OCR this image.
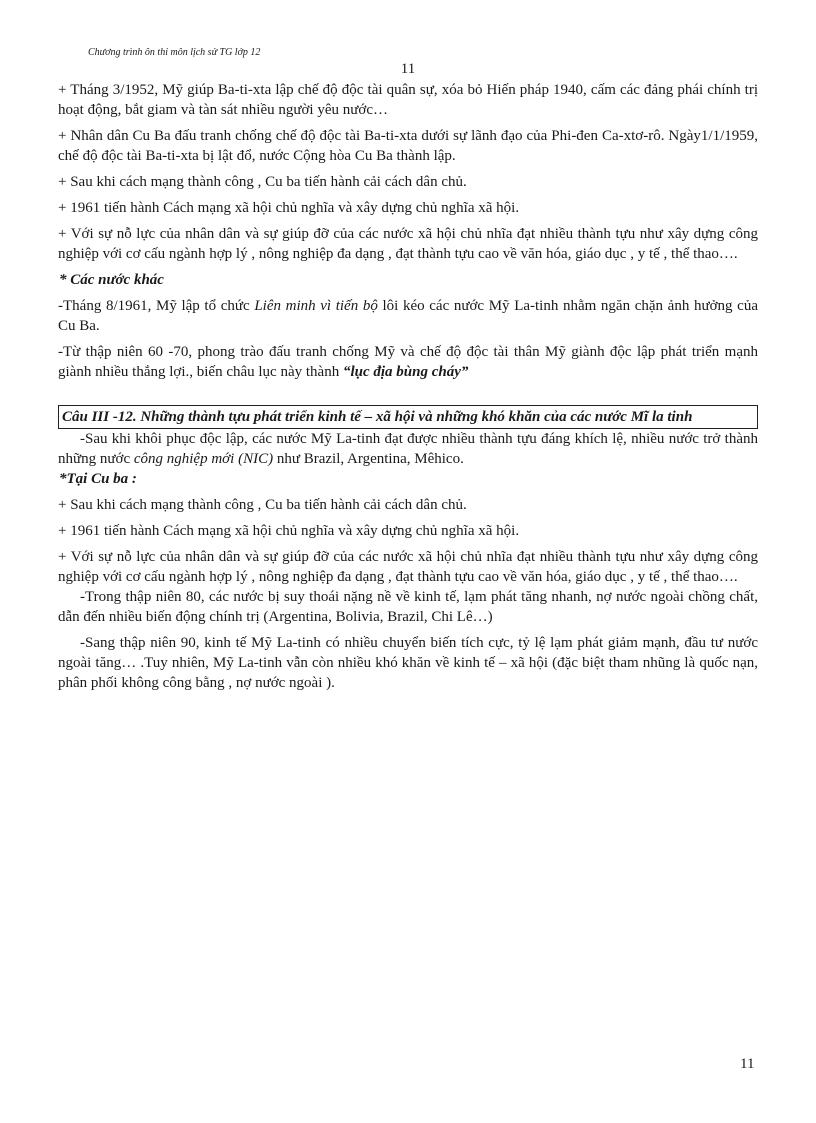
Chương trình ôn thi môn lịch sử TG lớp 12
11

+ Tháng 3/1952, Mỹ giúp Ba-ti-xta lập chế độ độc tài quân sự, xóa bỏ Hiến pháp 1940, cấm các đảng phái chính trị hoạt động, bắt giam và tàn sát nhiều người yêu nước…

+ Nhân dân Cu Ba đấu tranh chống chế độ độc tài Ba-ti-xta dưới sự lãnh đạo của Phi-đen Ca-xtơ-rô. Ngày1/1/1959, chế độ độc tài Ba-ti-xta bị lật đổ, nước Cộng hòa Cu Ba thành lập.

+ Sau khi cách mạng thành công , Cu ba tiến hành cải cách dân chủ.

+ 1961 tiến hành Cách mạng xã hội chủ nghĩa và xây dựng chủ nghĩa xã hội.

+ Với sự nỗ lực của nhân dân và sự giúp đỡ của các nước xã hội chủ nhĩa đạt nhiều thành tựu như xây dựng công nghiệp với cơ cấu ngành hợp lý , nông nghiệp đa dạng , đạt thành tựu cao về văn hóa, giáo dục , y tế , thể thao….

* Các nước khác

-Tháng 8/1961, Mỹ lập tổ chức Liên minh vì tiến bộ lôi kéo các nước Mỹ La-tinh nhằm ngăn chặn ảnh hưởng của Cu Ba.

-Từ thập niên 60 -70, phong trào đấu tranh chống Mỹ và chế độ độc tài thân Mỹ giành độc lập phát triển mạnh giành nhiều thắng lợi., biến châu lục này thành “lục địa bùng cháy”

Câu III -12. Những thành tựu phát triển kinh tế – xã hội và những khó khăn của các nước Mĩ la tinh

-Sau khi khôi phục độc lập, các nước Mỹ La-tinh đạt được nhiều thành tựu đáng khích lệ, nhiều nước trở thành những nước công nghiệp mới (NIC) như Brazil, Argentina, Mêhico.

*Tại Cu ba :

+ Sau khi cách mạng thành công , Cu ba tiến hành cải cách dân chủ.

+ 1961 tiến hành Cách mạng xã hội chủ nghĩa và xây dựng chủ nghĩa xã hội.

+ Với sự nỗ lực của nhân dân và sự giúp đỡ của các nước xã hội chủ nhĩa đạt nhiều thành tựu như xây dựng công nghiệp với cơ cấu ngành hợp lý , nông nghiệp đa dạng , đạt thành tựu cao về văn hóa, giáo dục , y tế , thể thao….

-Trong thập niên 80, các nước bị suy thoái nặng nề về kinh tế, lạm phát tăng nhanh, nợ nước ngoài chồng chất, dẫn đến nhiều biến động chính trị (Argentina, Bolivia, Brazil, Chi Lê…)

-Sang thập niên 90, kinh tế Mỹ La-tinh có nhiều chuyển biến tích cực, tỷ lệ lạm phát giảm mạnh, đầu tư nước ngoài tăng… .Tuy nhiên, Mỹ La-tinh vẫn còn nhiều khó khăn về kinh tế – xã hội (đặc biệt tham nhũng là quốc nạn, phân phối không công bằng , nợ nước ngoài ).

11
